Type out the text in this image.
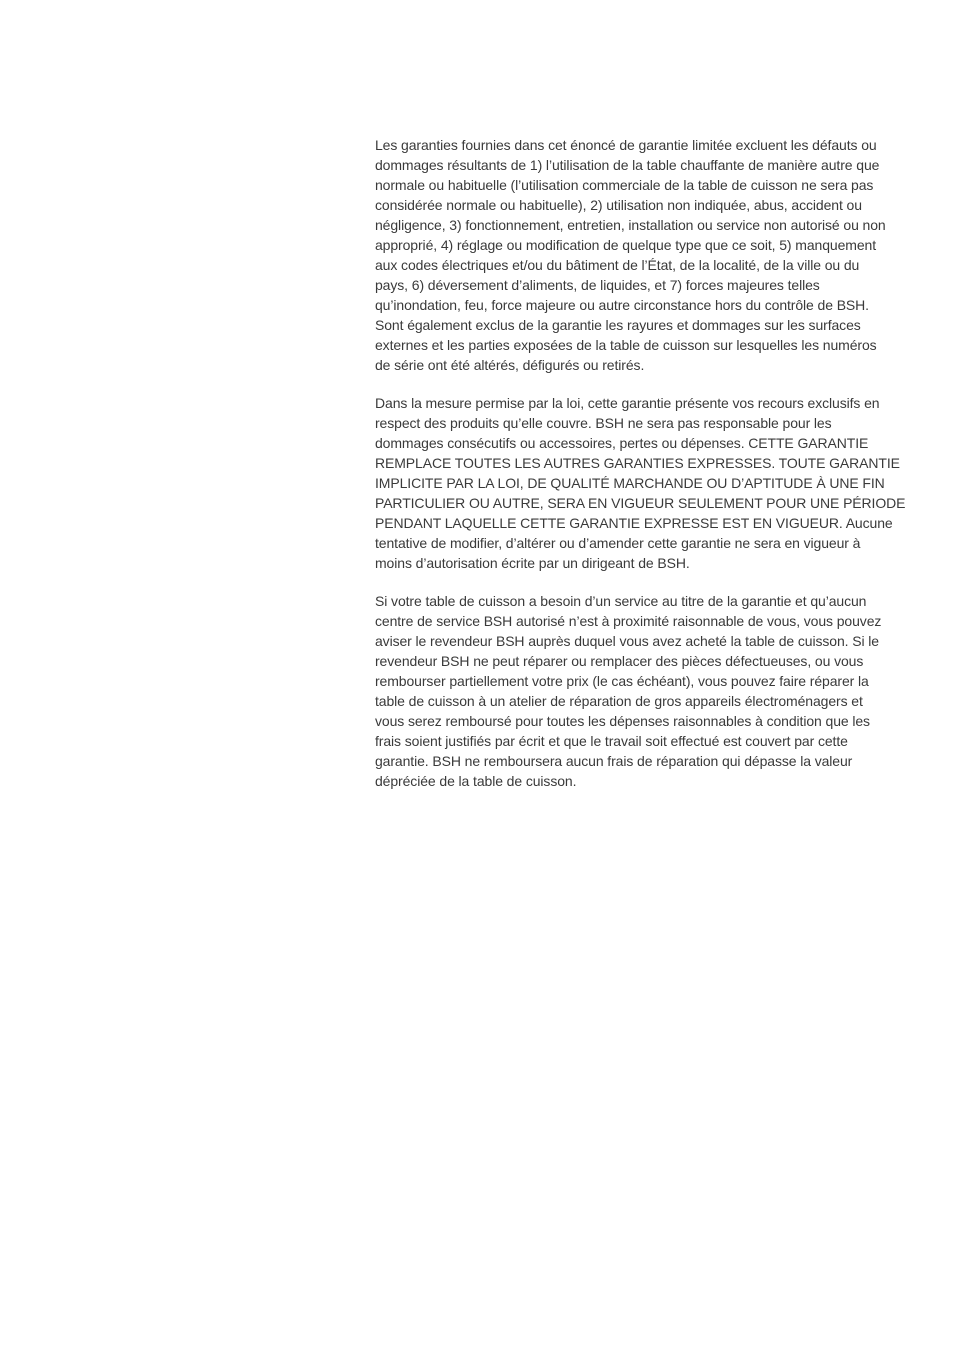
Les garanties fournies dans cet énoncé de garantie limitée excluent les défauts ou
dommages résultants de 1) l’utilisation de la table chauffante de manière autre que
normale ou habituelle (l’utilisation commerciale de la table de cuisson ne sera pas
considérée normale ou habituelle), 2) utilisation non indiquée, abus, accident ou
négligence, 3) fonctionnement, entretien, installation ou service non autorisé ou non
approprié, 4) réglage ou modification de quelque type que ce soit, 5) manquement
aux codes électriques et/ou du bâtiment de l’État, de la localité, de la ville ou du
pays, 6) déversement d’aliments, de liquides, et 7) forces majeures telles
qu’inondation, feu, force majeure ou autre circonstance hors du contrôle de BSH.
Sont également exclus de la garantie les rayures et dommages sur les surfaces
externes et les parties exposées de la table de cuisson sur lesquelles les numéros
de série ont été altérés, défigurés ou retirés.

Dans la mesure permise par la loi, cette garantie présente vos recours exclusifs en
respect des produits qu’elle couvre. BSH ne sera pas responsable pour les
dommages consécutifs ou accessoires, pertes ou dépenses. CETTE GARANTIE
REMPLACE TOUTES LES AUTRES GARANTIES EXPRESSES. TOUTE GARANTIE
IMPLICITE PAR LA LOI, DE QUALITÉ MARCHANDE OU D’APTITUDE À UNE FIN
PARTICULIER OU AUTRE, SERA EN VIGUEUR SEULEMENT POUR UNE PÉRIODE
PENDANT LAQUELLE CETTE GARANTIE EXPRESSE EST EN VIGUEUR. Aucune
tentative de modifier, d’altérer ou d’amender cette garantie ne sera en vigueur à
moins d’autorisation écrite par un dirigeant de BSH.

Si votre table de cuisson a besoin d’un service au titre de la garantie et qu’aucun
centre de service BSH autorisé n’est à proximité raisonnable de vous, vous pouvez
aviser le revendeur BSH auprès duquel vous avez acheté la table de cuisson. Si le
revendeur BSH ne peut réparer ou remplacer des pièces défectueuses, ou vous
rembourser partiellement votre prix (le cas échéant), vous pouvez faire réparer la
table de cuisson à un atelier de réparation de gros appareils électroménagers et
vous serez remboursé pour toutes les dépenses raisonnables à condition que les
frais soient justifiés par écrit et que le travail soit effectué est couvert par cette
garantie. BSH ne remboursera aucun frais de réparation qui dépasse la valeur
dépréciée de la table de cuisson.
